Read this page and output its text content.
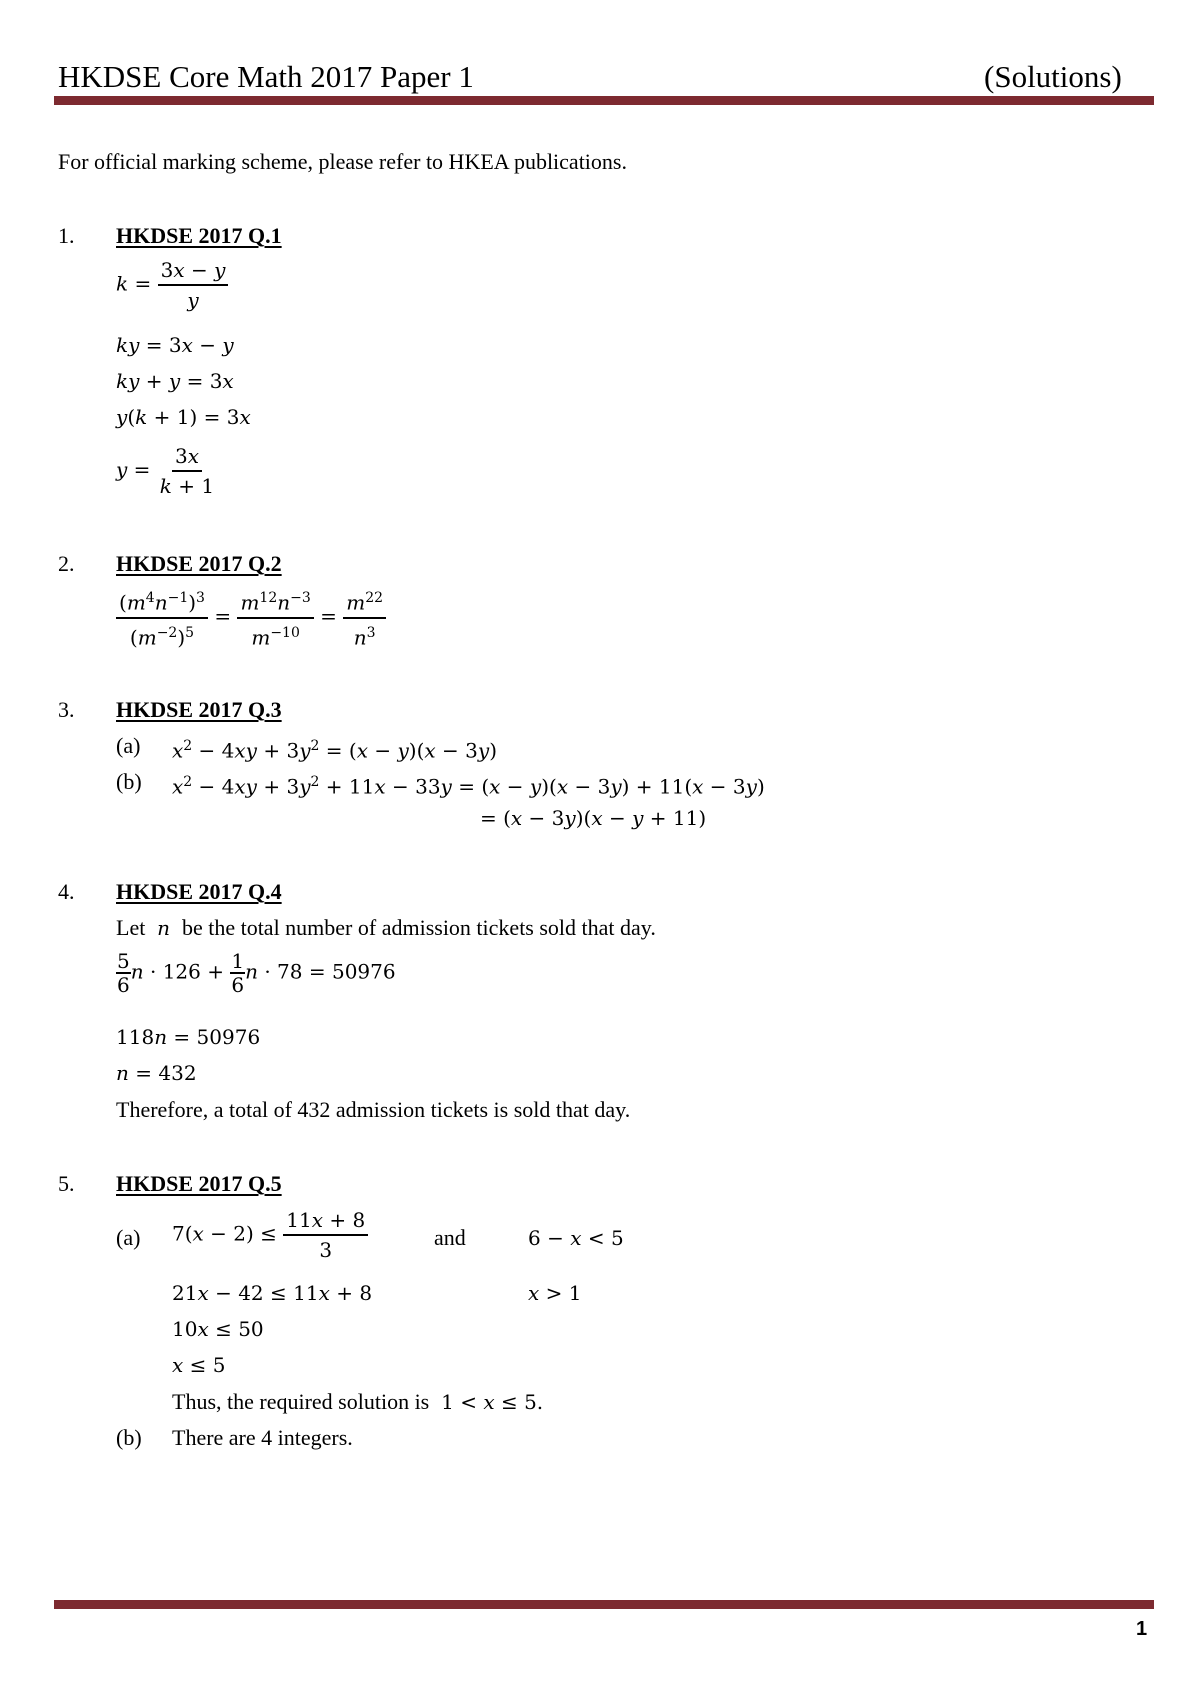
HKDSE Core Math 2017 Paper 1	(Solutions)
For official marking scheme, please refer to HKEA publications.
1. HKDSE 2017 Q.1
$k = \frac{3x - y}{y}$
ky = 3x − y
ky + y = 3x
y(k + 1) = 3x
$y = \frac{3x}{k + 1}$
2. HKDSE 2017 Q.2
$\frac{(m^4n^{-1})^3}{(m^{-2})^5} = \frac{m^{12}n^{-3}}{m^{-10}} = \frac{m^{22}}{n^3}$
3. HKDSE 2017 Q.3
(a) $x^2 - 4xy + 3y^2 = (x - y)(x - 3y)$
(b) $x^2 - 4xy + 3y^2 + 11x - 33y = (x - y)(x - 3y) + 11(x - 3y)$
= (x − 3y)(x − y + 11)
4. HKDSE 2017 Q.4
Let  n  be the total number of admission tickets sold that day.
$\frac{5}{6}$ $n \cdot 126 + \frac{1}{6}$ n · 78 = 50976
118n = 50976
n = 432
Therefore, a total of 432 admission tickets is sold that day.
5. HKDSE 2017 Q.5
(a) $7(x - 2) \le \frac{11x + 8}{3}$	and	6 − x < 5
21x − 42 ≤ 11x + 8	x > 1
10x ≤ 50
x ≤ 5
Thus, the required solution is  1 < x ≤ 5.
(b) There are 4 integers.
1
